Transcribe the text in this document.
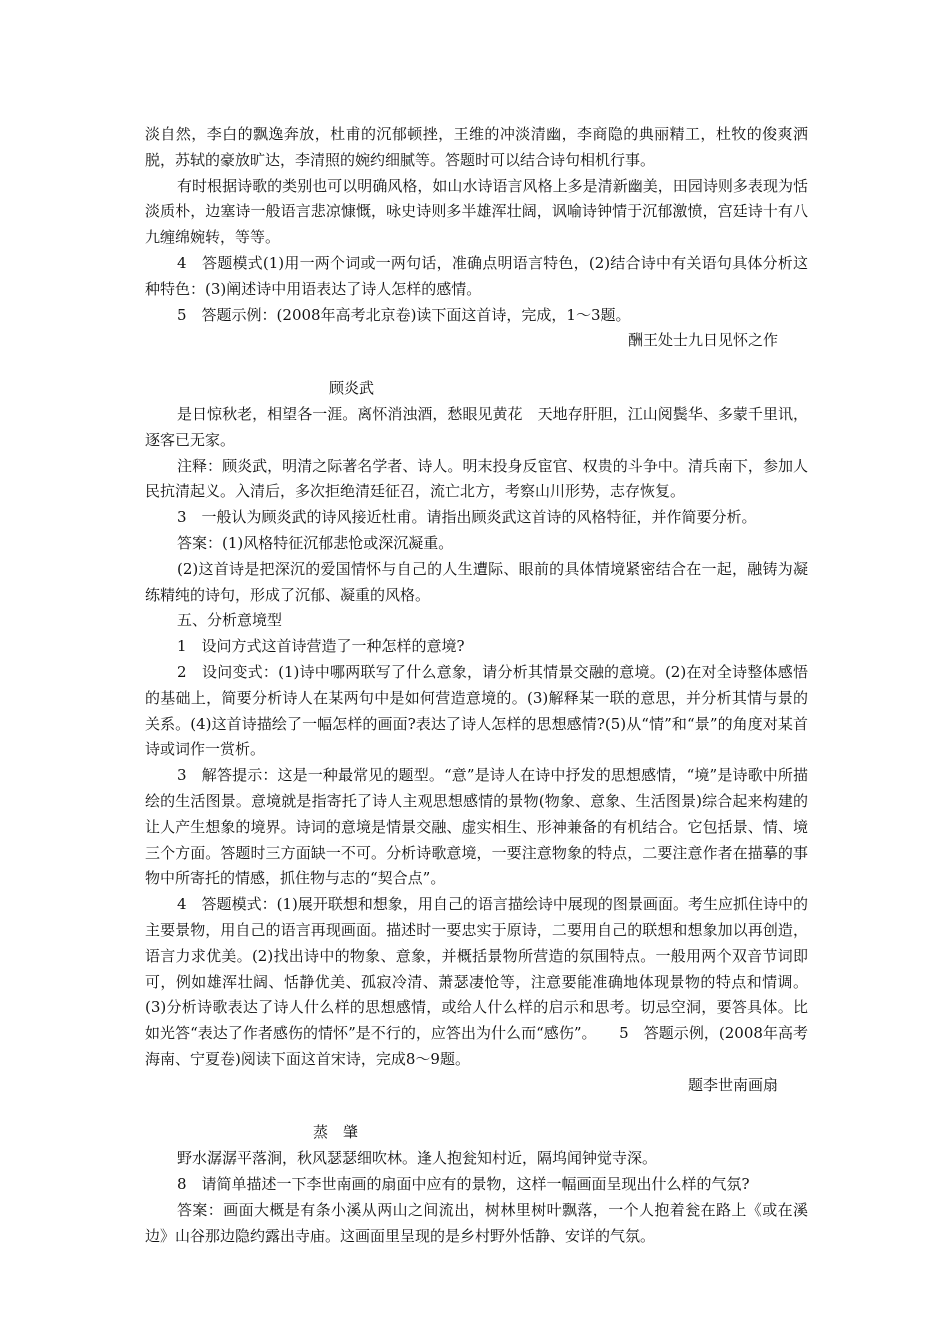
淡自然，李白的飘逸奔放，杜甫的沉郁顿挫，王维的冲淡清幽，李商隐的典丽精工，杜牧的俊爽洒脱，苏轼的豪放旷达，李清照的婉约细腻等。答题时可以结合诗句相机行事。

有时根据诗歌的类别也可以明确风格，如山水诗语言风格上多是清新幽美，田园诗则多表现为恬淡质朴，边塞诗一般语言悲凉慷慨，咏史诗则多半雄浑壮阔，讽喻诗钟情于沉郁激愤，宫廷诗十有八九缠绵婉转，等等。

4　答题模式(1)用一两个词或一两句话，准确点明语言特色，(2)结合诗中有关语句具体分析这种特色：(3)阐述诗中用语表达了诗人怎样的感情。

5　答题示例：(2008年高考北京卷)读下面这首诗，完成，1～3题。

酬王处士九日见怀之作

顾炎武

是日惊秋老，相望各一涯。离怀消浊酒，愁眼见黄花　天地存肝胆，江山阅鬓华、多蒙千里讯，逐客已无家。

注释：顾炎武，明清之际著名学者、诗人。明末投身反宦官、权贵的斗争中。清兵南下，参加人民抗清起义。入清后，多次拒绝清廷征召，流亡北方，考察山川形势，志存恢复。

3　一般认为顾炎武的诗风接近杜甫。请指出顾炎武这首诗的风格特征，并作简要分析。

答案：(1)风格特征沉郁悲怆或深沉凝重。

(2)这首诗是把深沉的爱国情怀与自己的人生遭际、眼前的具体情境紧密结合在一起，融铸为凝练精纯的诗句，形成了沉郁、凝重的风格。

五、分析意境型

1　设问方式这首诗营造了一种怎样的意境?

2　设问变式：(1)诗中哪两联写了什么意象，请分析其情景交融的意境。(2)在对全诗整体感悟的基础上，简要分析诗人在某两句中是如何营造意境的。(3)解释某一联的意思，并分析其情与景的关系。(4)这首诗描绘了一幅怎样的画面?表达了诗人怎样的思想感情?(5)从“情”和“景”的角度对某首诗或词作一赏析。

3　解答提示：这是一种最常见的题型。“意”是诗人在诗中抒发的思想感情，“境”是诗歌中所描绘的生活图景。意境就是指寄托了诗人主观思想感情的景物(物象、意象、生活图景)综合起来构建的让人产生想象的境界。诗词的意境是情景交融、虚实相生、形神兼备的有机结合。它包括景、情、境三个方面。答题时三方面缺一不可。分析诗歌意境，一要注意物象的特点，二要注意作者在描摹的事物中所寄托的情感，抓住物与志的“契合点”。

4　答题模式：(1)展开联想和想象，用自己的语言描绘诗中展现的图景画面。考生应抓住诗中的主要景物，用自己的语言再现画面。描述时一要忠实于原诗，二要用自己的联想和想象加以再创造，语言力求优美。(2)找出诗中的物象、意象，并概括景物所营造的氛围特点。一般用两个双音节词即可，例如雄浑壮阔、恬静优美、孤寂冷清、萧瑟凄怆等，注意要能准确地体现景物的特点和情调。(3)分析诗歌表达了诗人什么样的思想感情，或给人什么样的启示和思考。切忌空洞，要答具体。比如光答“表达了作者感伤的情怀”是不行的，应答出为什么而“感伤”。　　5　答题示例，(2008年高考海南、宁夏卷)阅读下面这首宋诗，完成8～9题。

题李世南画扇

蒸　肇

野水潺潺平落涧，秋风瑟瑟细吹林。逢人抱瓮知村近，隔坞闻钟觉寺深。

8　请简单描述一下李世南画的扇面中应有的景物，这样一幅画面呈现出什么样的气氛?

答案：画面大概是有条小溪从两山之间流出，树林里树叶飘落，一个人抱着瓮在路上《或在溪边》山谷那边隐约露出寺庙。这画面里呈现的是乡村野外恬静、安详的气氛。
